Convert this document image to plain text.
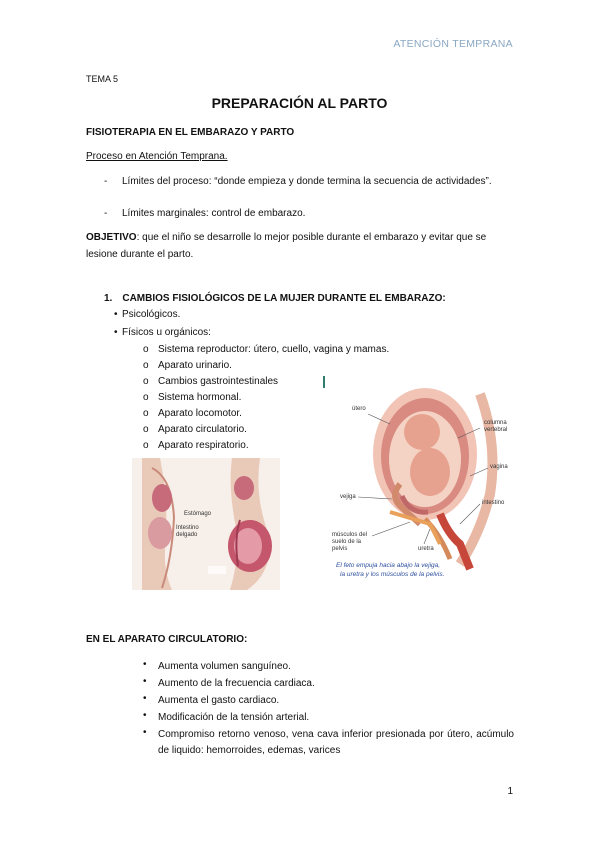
ATENCIÓN TEMPRANA
TEMA 5
PREPARACIÓN AL PARTO
FISIOTERAPIA EN EL EMBARAZO Y PARTO
Proceso en Atención Temprana.
- Límites del proceso: “donde empieza y donde termina la secuencia de actividades”.
- Límites marginales: control de embarazo.
OBJETIVO: que el niño se desarrolle lo mejor posible durante el embarazo y evitar que se lesione durante el parto.
1. CAMBIOS FISIOLÓGICOS DE LA MUJER DURANTE EL EMBARAZO:
• Psicológicos.
• Físicos u orgánicos:
o Sistema reproductor: útero, cuello, vagina y mamas.
o Aparato urinario.
o Cambios gastrointestinales
o Sistema hormonal.
o Aparato locomotor.
o Aparato circulatorio.
o Aparato respiratorio.
Estómago
Intestino delgado
útero
columna vertebral
vagina
vejiga
intestino
músculos del suelo de la pelvis	uretra
El feto empuja hacia abajo la vejiga,
la uretra y los músculos de la pelvis.
EN EL APARATO CIRCULATORIO:
• Aumenta volumen sanguíneo.
• Aumento de la frecuencia cardiaca.
• Aumenta el gasto cardiaco.
• Modificación de la tensión arterial.
• Compromiso retorno venoso, vena cava inferior presionada por útero, acúmulo de liquido: hemorroides, edemas, varices
1
